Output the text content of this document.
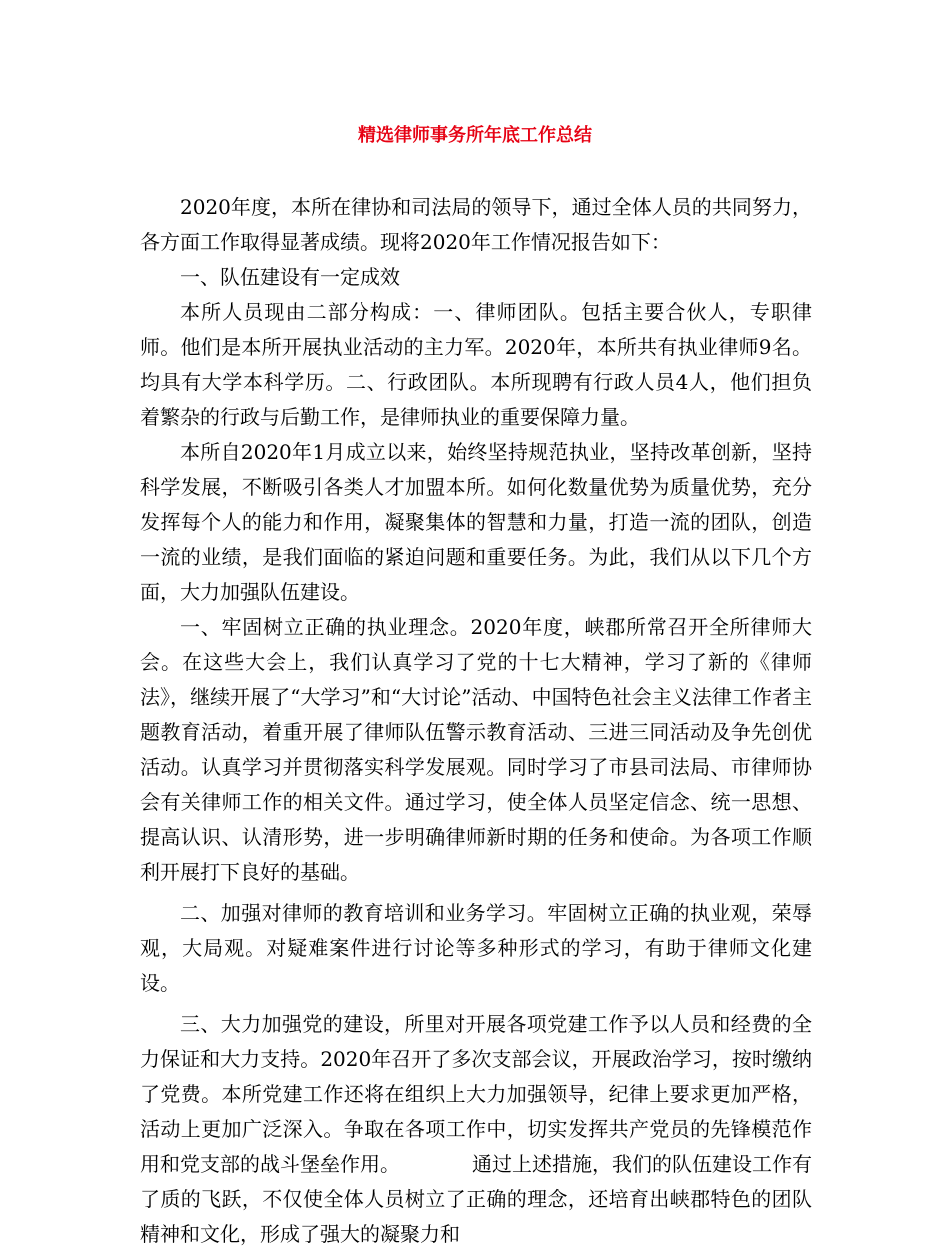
精选律师事务所年底工作总结

2020年度，本所在律协和司法局的领导下，通过全体人员的共同努力，各方面工作取得显著成绩。现将2020年工作情况报告如下：

一、队伍建设有一定成效

本所人员现由二部分构成：一、律师团队。包括主要合伙人，专职律师。他们是本所开展执业活动的主力军。2020年，本所共有执业律师9名。均具有大学本科学历。二、行政团队。本所现聘有行政人员4人，他们担负着繁杂的行政与后勤工作，是律师执业的重要保障力量。

本所自2020年1月成立以来，始终坚持规范执业，坚持改革创新，坚持科学发展，不断吸引各类人才加盟本所。如何化数量优势为质量优势，充分发挥每个人的能力和作用，凝聚集体的智慧和力量，打造一流的团队，创造一流的业绩，是我们面临的紧迫问题和重要任务。为此，我们从以下几个方面，大力加强队伍建设。

一、牢固树立正确的执业理念。2020年度，峡郡所常召开全所律师大会。在这些大会上，我们认真学习了党的十七大精神，学习了新的《律师法》，继续开展了“大学习”和“大讨论”活动、中国特色社会主义法律工作者主题教育活动，着重开展了律师队伍警示教育活动、三进三同活动及争先创优活动。认真学习并贯彻落实科学发展观。同时学习了市县司法局、市律师协会有关律师工作的相关文件。通过学习，使全体人员坚定信念、统一思想、提高认识、认清形势，进一步明确律师新时期的任务和使命。为各项工作顺利开展打下良好的基础。

二、加强对律师的教育培训和业务学习。牢固树立正确的执业观，荣辱观，大局观。对疑难案件进行讨论等多种形式的学习，有助于律师文化建设。

三、大力加强党的建设，所里对开展各项党建工作予以人员和经费的全力保证和大力支持。2020年召开了多次支部会议，开展政治学习，按时缴纳了党费。本所党建工作还将在组织上大力加强领导，纪律上要求更加严格，活动上更加广泛深入。争取在各项工作中，切实发挥共产党员的先锋模范作用和党支部的战斗堡垒作用。	通过上述措施，我们的队伍建设工作有了质的飞跃，不仅使全体人员树立了正确的理念，还培育出峡郡特色的团队精神和文化，形成了强大的凝聚力和
